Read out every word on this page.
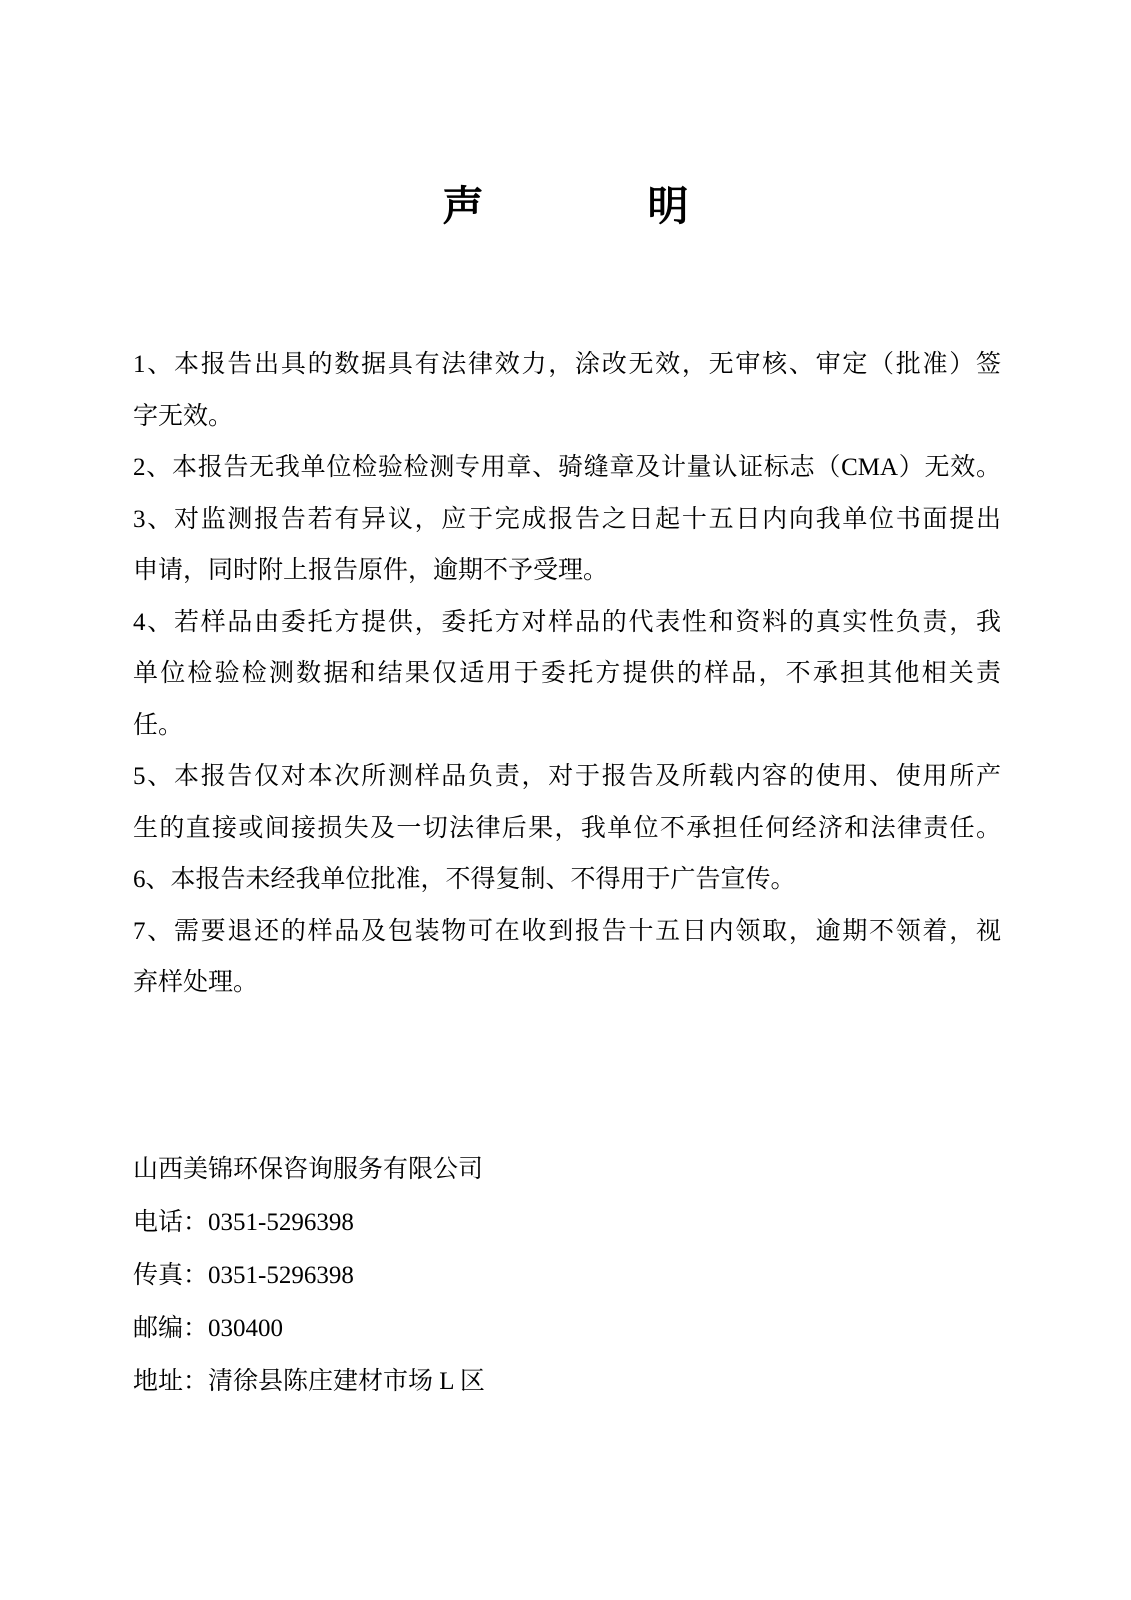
声　　　　明

1、本报告出具的数据具有法律效力，涂改无效，无审核、审定（批准）签

字无效。

2、本报告无我单位检验检测专用章、骑缝章及计量认证标志（CMA）无效。

3、对监测报告若有异议，应于完成报告之日起十五日内向我单位书面提出

申请，同时附上报告原件，逾期不予受理。

4、若样品由委托方提供，委托方对样品的代表性和资料的真实性负责，我

单位检验检测数据和结果仅适用于委托方提供的样品，不承担其他相关责

任。

5、本报告仅对本次所测样品负责，对于报告及所载内容的使用、使用所产

生的直接或间接损失及一切法律后果，我单位不承担任何经济和法律责任。

6、本报告未经我单位批准，不得复制、不得用于广告宣传。

7、需要退还的样品及包装物可在收到报告十五日内领取，逾期不领着，视

弃样处理。

山西美锦环保咨询服务有限公司

电话：0351-5296398

传真：0351-5296398

邮编：030400

地址：清徐县陈庄建材市场 L 区
